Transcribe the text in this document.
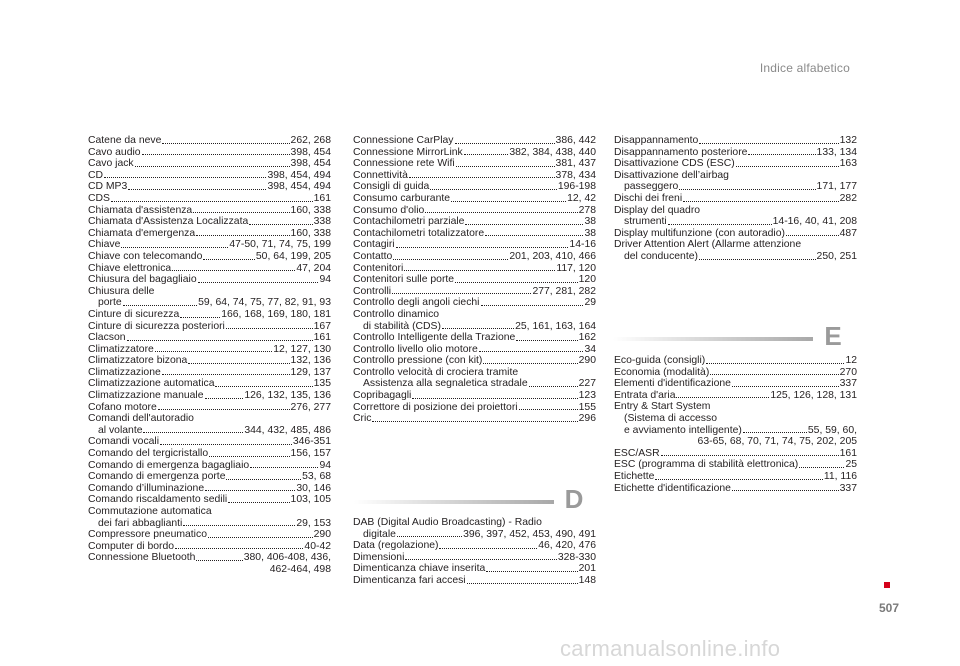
Indice alfabetico
Catene da neve	262, 268
Cavo audio	398, 454
Cavo jack	398, 454
CD	398, 454, 494
CD MP3	398, 454, 494
CDS	161
Chiamata d'assistenza	160, 338
Chiamata d'Assistenza Localizzata	338
Chiamata d'emergenza	160, 338
Chiave	47-50, 71, 74, 75, 199
Chiave con telecomando	50, 64, 199, 205
Chiave elettronica	47, 204
Chiusura del bagagliaio	94
Chiusura delle
porte	59, 64, 74, 75, 77, 82, 91, 93
Cinture di sicurezza	166, 168, 169, 180, 181
Cinture di sicurezza posteriori	167
Clacson	161
Climatizzatore	12, 127, 130
Climatizzatore bizona	132, 136
Climatizzazione	129, 137
Climatizzazione automatica	135
Climatizzazione manuale	126, 132, 135, 136
Cofano motore	276, 277
Comandi dell'autoradio
al volante	344, 432, 485, 486
Comandi vocali	346-351
Comando del tergicristallo	156, 157
Comando di emergenza bagagliaio	94
Comando di emergenza porte	53, 68
Comando d’illuminazione	30, 146
Comando riscaldamento sedili	103, 105
Commutazione automatica
dei fari abbaglianti	29, 153
Compressore pneumatico	290
Computer di bordo	40-42
Connessione Bluetooth	380, 406-408, 436,
462-464, 498
Connessione CarPlay	386, 442
Connessione MirrorLink	382, 384, 438, 440
Connessione rete Wifi	381, 437
Connettività	378, 434
Consigli di guida	196-198
Consumo carburante	12, 42
Consumo d'olio	278
Contachilometri parziale	38
Contachilometri totalizzatore	38
Contagiri	14-16
Contatto	201, 203, 410, 466
Contenitori	117, 120
Contenitori sulle porte	120
Controlli	277, 281, 282
Controllo degli angoli ciechi	29
Controllo dinamico
di stabilità (CDS)	25, 161, 163, 164
Controllo Intelligente della Trazione	162
Controllo livello olio motore	34
Controllo pressione (con kit)	290
Controllo velocità di crociera tramite
Assistenza alla segnaletica stradale	227
Copribagagli	123
Correttore di posizione dei proiettori	155
Cric	296
D
DAB (Digital Audio Broadcasting) - Radio
digitale	396, 397, 452, 453, 490, 491
Data (regolazione)	46, 420, 476
Dimensioni	328-330
Dimenticanza chiave inserita	201
Dimenticanza fari accesi	148
Disappannamento	132
Disappannamento posteriore	133, 134
Disattivazione CDS (ESC)	163
Disattivazione dell’airbag
passeggero	171, 177
Dischi dei freni	282
Display del quadro
strumenti	14-16, 40, 41, 208
Display multifunzione (con autoradio)	487
Driver Attention Alert (Allarme attenzione
del conducente)	250, 251
E
Eco-guida (consigli)	12
Economia (modalità)	270
Elementi d'identificazione	337
Entrata d'aria	125, 126, 128, 131
Entry & Start System
(Sistema di accesso
e avviamento intelligente)	55, 59, 60,
63-65, 68, 70, 71, 74, 75, 202, 205
ESC/ASR	161
ESC (programma di stabilità elettronica)	25
Etichette	11, 116
Etichette d'identificazione	337
507
carmanualsonline.info
